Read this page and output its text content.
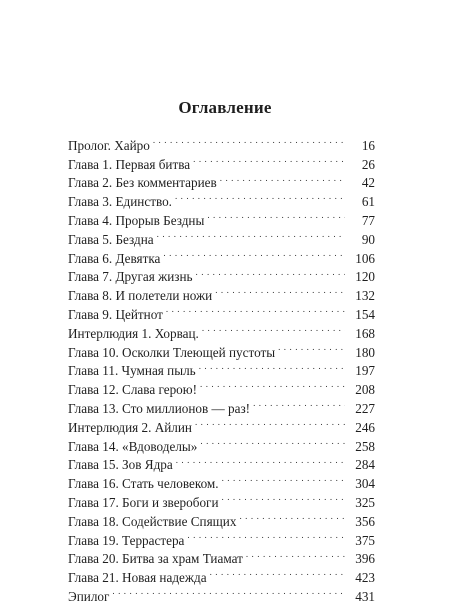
Оглавление
Пролог. Хайро . . .	16
Глава 1. Первая битва . . .	26
Глава 2. Без комментариев . . .	42
Глава 3. Единство. . . .	61
Глава 4. Прорыв Бездны . . .	77
Глава 5. Бездна . . .	90
Глава 6. Девятка . . .	106
Глава 7. Другая жизнь . . .	120
Глава 8. И полетели ножи . . .	132
Глава 9. Цейтнот . . .	154
Интерлюдия 1. Хорвац. . . .	168
Глава 10. Осколки Тлеющей пустоты . . .	180
Глава 11. Чумная пыль . . .	197
Глава 12. Слава герою! . . .	208
Глава 13. Сто миллионов — раз! . . .	227
Интерлюдия 2. Айлин . . .	246
Глава 14. «Вдоводелы» . . .	258
Глава 15. Зов Ядра . . .	284
Глава 16. Стать человеком. . . .	304
Глава 17. Боги и зверобоги . . .	325
Глава 18. Содействие Спящих . . .	356
Глава 19. Террастера . . .	375
Глава 20. Битва за храм Тиамат . . .	396
Глава 21. Новая надежда . . .	423
Эпилог . . .	431
